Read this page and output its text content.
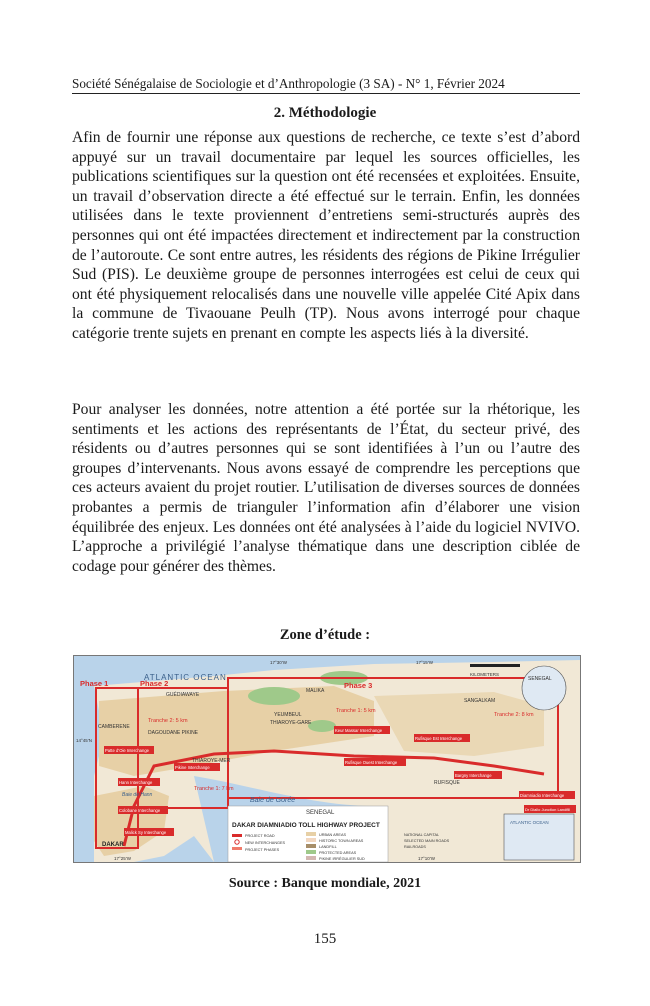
Société Sénégalaise de Sociologie et d’Anthropologie (3 SA) - N° 1, Février 2024
2. Méthodologie

Afin de fournir une réponse aux questions de recherche, ce texte s’est d’abord appuyé sur un travail documentaire par lequel les sources officielles, les publications scientifiques sur la question ont été recensées et exploitées. Ensuite, un travail d’observation directe a été effectué sur le terrain. Enfin, les données utilisées dans le texte proviennent d’entretiens semi-structurés auprès des personnes qui ont été impactées directement et indirectement par la construction de l’autoroute. Ce sont entre autres, les résidents des régions de Pikine Irrégulier Sud (PIS). Le deuxième groupe de personnes interrogées est celui de ceux qui ont été physiquement relocalisés dans une nouvelle ville appelée Cité Apix dans la commune de Tivaouane Peulh (TP). Nous avons interrogé pour chaque catégorie trente sujets en prenant en compte les aspects liés à la diversité.

Pour analyser les données, notre attention a été portée sur la rhétorique, les sentiments et les actions des représentants de l’État, du secteur privé, des résidents ou d’autres personnes qui se sont identifiées à l’un ou l’autre des groupes d’intervenants. Nous avons essayé de comprendre les perceptions que ces acteurs avaient du projet routier. L’utilisation de diverses sources de données probantes a permis de trianguler l’information afin d’élaborer une vision équilibrée des enjeux. Les données ont été analysées à l’aide du logiciel NVIVO. L’approche a privilégié l’analyse thématique dans une description ciblée de codage pour générer des thèmes.

Zone d’étude :
ATLANTIC OCEAN
Phase 1	Phase 2	Phase 3
Tranche 2: 5 km
Tranche 1: 5 km
Tranche 2: 8 km
Tranche 1: 7 km
GUÉDIAWAYE
CAMBERENE
DAGOUDANE PIKINE
YEUMBEUL
THIAROYE-GARE
MALIKA
SANGALKAM
THIAROYE-MER
RUFISQUE
Baie de Hann
KILOMETERS
Patte d’Oie Interchange
Pikine Interchange
Hann Interchange
Colobane Interchange
Malick Sy Interchange
Keur Massar Interchange
Rufisque Ouest Interchange
Rufisque Est Interchange
Bargny Interchange
Diamniadio Interchange
Dr Diallo Junction Landfill
Baie de Gorée
SENEGAL
DAKAR DIAMNIADIO TOLL HIGHWAY PROJECT
PROJECT ROAD
NEW INTERCHANGES
PROJECT PHASES
URBAN AREAS
HISTORIC TOWN AREAS
LANDFILL
PROTECTED AREAS
PIKINE IRRÉGULIER SUD
NATIONAL CAPITAL
SELECTED MAIN ROADS
RAILROADS
SENEGAL
ATLANTIC OCEAN
DAKAR
17°30’W	17°15’W
14°45’N
17°25’W	17°10’W
Source : Banque mondiale, 2021
155
